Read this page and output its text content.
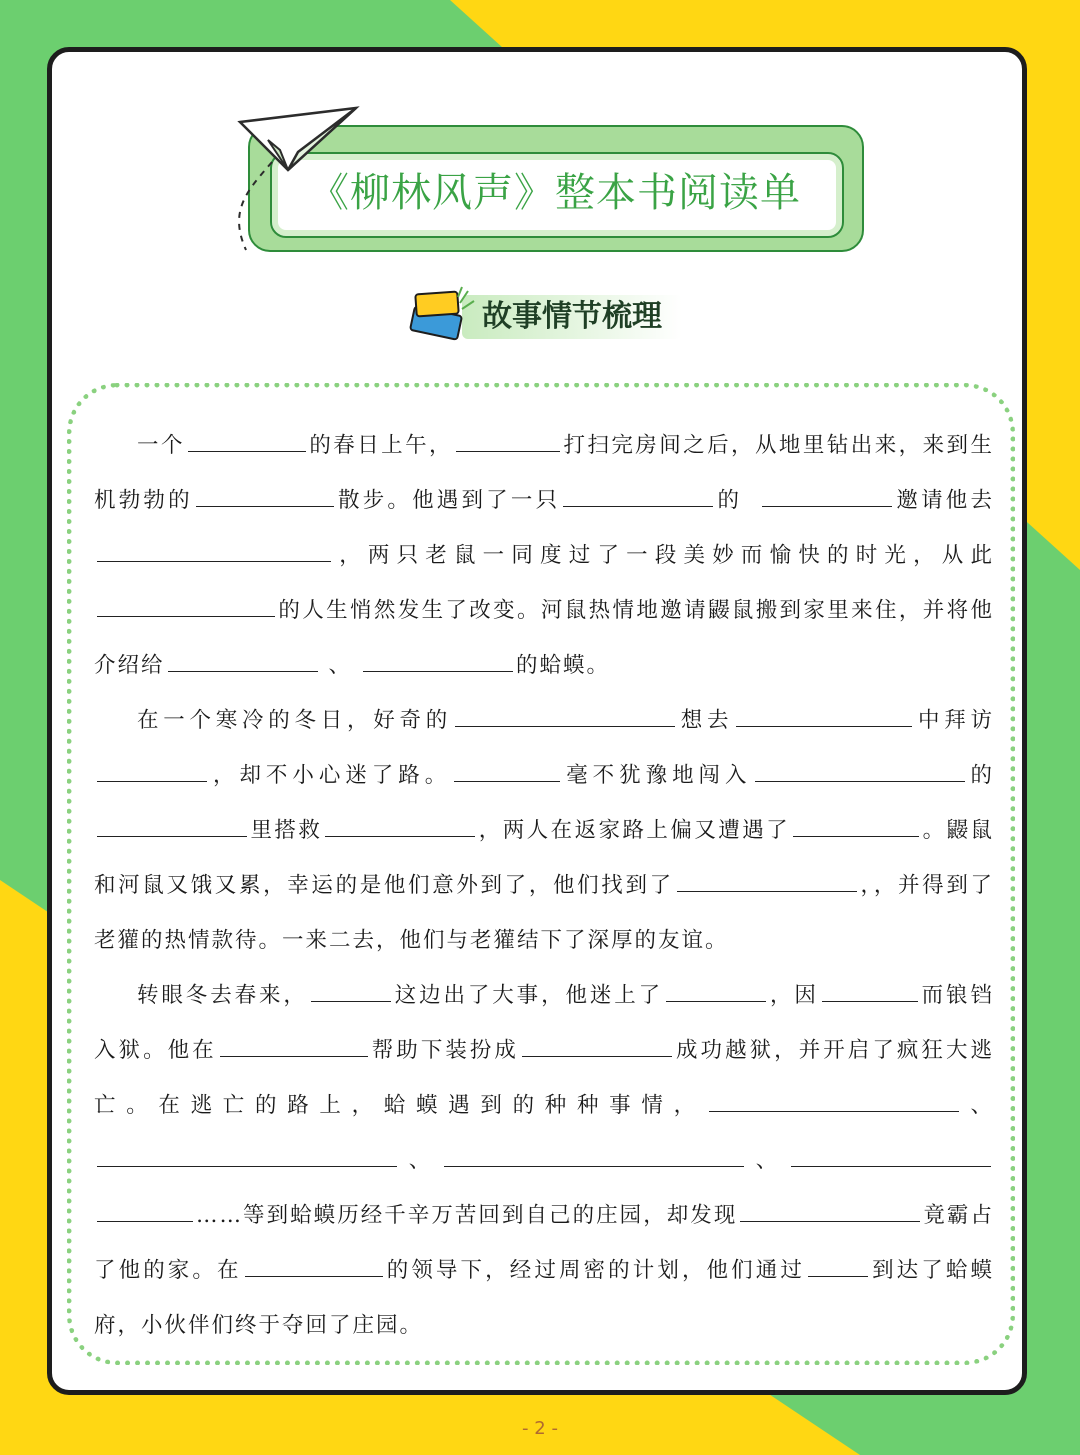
《柳林风声》整本书阅读单
故事情节梳理

一个	的春日上午，	打扫完房间之后，从地里钻出来，来到生机勃勃的	散步。他遇到了一只	的	邀请他去，两只老鼠一同度过了一段美妙而愉快的时光，从此的人生悄然发生了改变。河鼠热情地邀请鼹鼠搬到家里来住，并将他介绍给	、	的蛤蟆。

在一个寒冷的冬日，好奇的	想去	中拜访，却不小心迷了路。	毫不犹豫地闯入	的里搭救	，两人在返家路上偏又遭遇了	。鼹鼠和河鼠又饿又累，幸运的是他们意外到了，他们找到了	，，并得到了老獾的热情款待。一来二去，他们与老獾结下了深厚的友谊。

转眼冬去春来，	这边出了大事，他迷上了	，因	而锒铛入狱。他在	帮助下装扮成	成功越狱，并开启了疯狂大逃亡。在逃亡的路上，蛤蟆遇到的种种事情，	、、	、……等到蛤蟆历经千辛万苦回到自己的庄园，却发现	竟霸占了他的家。在	的领导下，经过周密的计划，他们通过	到达了蛤蟆府，小伙伴们终于夺回了庄园。

- 2 -
